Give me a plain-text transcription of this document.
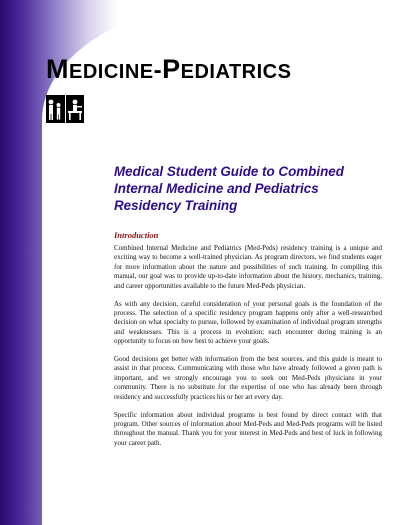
MEDICINE-PEDIATRICS
Medical Student Guide to Combined
Internal Medicine and Pediatrics
Residency Training
Introduction

Combined Internal Medicine and Pediatrics (Med-Peds) residency training is a unique and exciting way to become a well-trained physician. As program directors, we find students eager for more information about the nature and possibilities of such training. In compiling this manual, our goal was to provide up-to-date information about the history, mechanics, training, and career opportunities available to the future Med-Peds physician.

As with any decision, careful consideration of your personal goals is the foundation of the process. The selection of a specific residency program happens only after a well-researched decision on what specialty to pursue, followed by examination of individual program strengths and weaknesses. This is a process in evolution; each encounter during training is an opportunity to focus on how best to achieve your goals.

Good decisions get better with information from the best sources, and this guide is meant to assist in that process. Communicating with those who have already followed a given path is important, and we strongly encourage you to seek out Med-Peds physicians in your community. There is no substitute for the expertise of one who has already been through residency and successfully practices his or her art every day.

Specific information about individual programs is best found by direct contact with that program. Other sources of information about Med-Peds and Med-Peds programs will be listed throughout the manual. Thank you for your interest in Med-Peds and best of luck in following your career path.
